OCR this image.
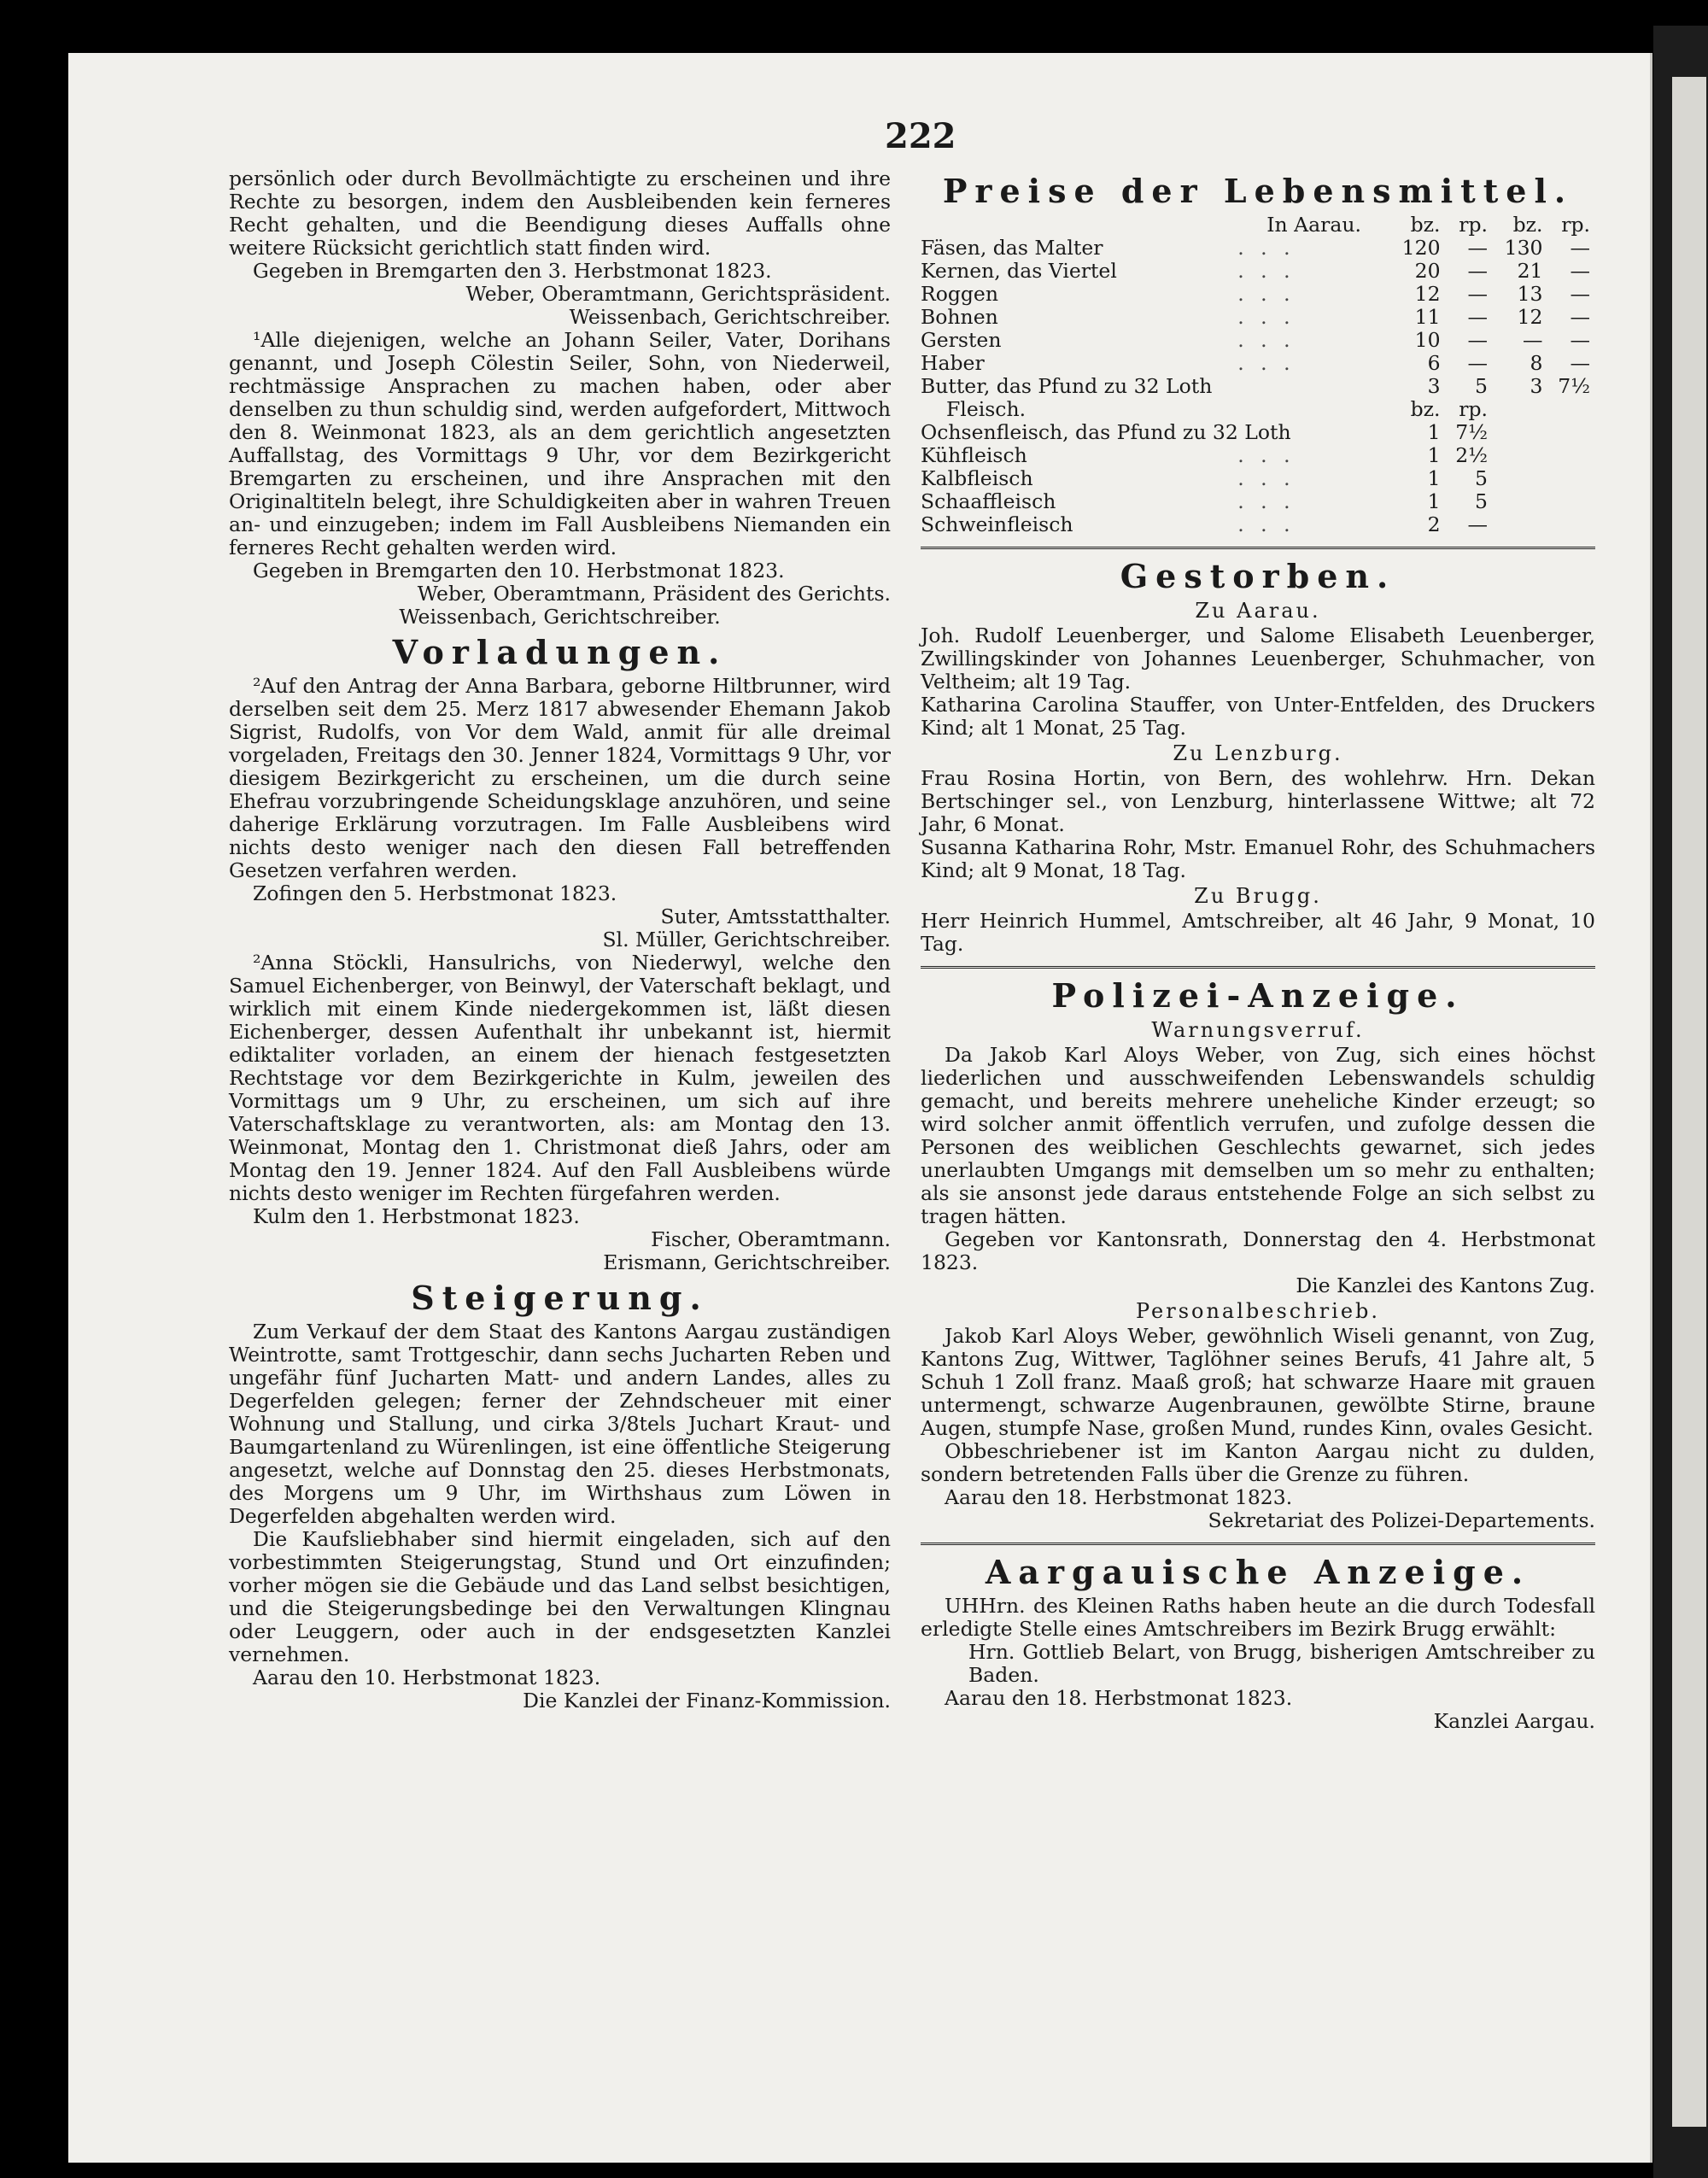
222

persönlich oder durch Bevollmächtigte zu erscheinen und ihre Rechte zu besorgen, indem den Ausbleibenden kein ferneres Recht gehalten, und die Beendigung dieses Auffalls ohne weitere Rücksicht gerichtlich statt finden wird.

Gegeben in Bremgarten den 3. Herbstmonat 1823.

Weber, Oberamtmann, Gerichtspräsident.

Weissenbach, Gerichtschreiber.

¹Alle diejenigen, welche an Johann Seiler, Vater, Dorihans genannt, und Joseph Cölestin Seiler, Sohn, von Niederweil, rechtmässige Ansprachen zu machen haben, oder aber denselben zu thun schuldig sind, werden aufgefordert, Mittwoch den 8. Weinmonat 1823, als an dem gerichtlich angesetzten Auffallstag, des Vormittags 9 Uhr, vor dem Bezirkgericht Bremgarten zu erscheinen, und ihre Ansprachen mit den Originaltiteln belegt, ihre Schuldigkeiten aber in wahren Treuen an- und einzugeben; indem im Fall Ausbleibens Niemanden ein ferneres Recht gehalten werden wird.

Gegeben in Bremgarten den 10. Herbstmonat 1823.

Weber, Oberamtmann, Präsident des Gerichts.

Weissenbach, Gerichtschreiber.

Vorladungen.

²Auf den Antrag der Anna Barbara, geborne Hiltbrunner, wird derselben seit dem 25. Merz 1817 abwesender Ehemann Jakob Sigrist, Rudolfs, von Vor dem Wald, anmit für alle dreimal vorgeladen, Freitags den 30. Jenner 1824, Vormittags 9 Uhr, vor diesigem Bezirkgericht zu erscheinen, um die durch seine Ehefrau vorzubringende Scheidungsklage anzuhören, und seine daherige Erklärung vorzutragen. Im Falle Ausbleibens wird nichts desto weniger nach den diesen Fall betreffenden Gesetzen verfahren werden.

Zofingen den 5. Herbstmonat 1823.

Suter, Amtsstatthalter.

Sl. Müller, Gerichtschreiber.

²Anna Stöckli, Hansulrichs, von Niederwyl, welche den Samuel Eichenberger, von Beinwyl, der Vaterschaft beklagt, und wirklich mit einem Kinde niedergekommen ist, läßt diesen Eichenberger, dessen Aufenthalt ihr unbekannt ist, hiermit ediktaliter vorladen, an einem der hienach festgesetzten Rechtstage vor dem Bezirkgerichte in Kulm, jeweilen des Vormittags um 9 Uhr, zu erscheinen, um sich auf ihre Vaterschaftsklage zu verantworten, als: am Montag den 13. Weinmonat, Montag den 1. Christmonat dieß Jahrs, oder am Montag den 19. Jenner 1824. Auf den Fall Ausbleibens würde nichts desto weniger im Rechten fürgefahren werden.

Kulm den 1. Herbstmonat 1823.

Fischer, Oberamtmann.

Erismann, Gerichtschreiber.

Steigerung.

Zum Verkauf der dem Staat des Kantons Aargau zuständigen Weintrotte, samt Trottgeschir, dann sechs Jucharten Reben und ungefähr fünf Jucharten Matt- und andern Landes, alles zu Degerfelden gelegen; ferner der Zehndscheuer mit einer Wohnung und Stallung, und cirka 3/8tels Juchart Kraut- und Baumgartenland zu Würenlingen, ist eine öffentliche Steigerung angesetzt, welche auf Donnstag den 25. dieses Herbstmonats, des Morgens um 9 Uhr, im Wirthshaus zum Löwen in Degerfelden abgehalten werden wird.

Die Kaufsliebhaber sind hiermit eingeladen, sich auf den vorbestimmten Steigerungstag, Stund und Ort einzufinden; vorher mögen sie die Gebäude und das Land selbst besichtigen, und die Steigerungsbedinge bei den Verwaltungen Klingnau oder Leuggern, oder auch in der endsgesetzten Kanzlei vernehmen.

Aarau den 10. Herbstmonat 1823.

Die Kanzlei der Finanz-Kommission.

Preise der Lebensmittel.
	In Aarau.	bz.	rp.	bz.	rp.
Fäsen, das Malter	. . .	120	—	130	—
Kernen, das Viertel	. . .	20	—	21	—
Roggen	. . .	12	—	13	—
Bohnen	. . .	11	—	12	—
Gersten	. . .	10	—	—	—
Haber	. . .	6	—	8	—
Butter, das Pfund zu 32 Loth		3	5	3	7½
Fleisch.		bz.	rp.		
Ochsenfleisch, das Pfund zu 32 Loth		1	7½		
Kühfleisch	. . .	1	2½		
Kalbfleisch	. . .	1	5		
Schaaffleisch	. . .	1	5		
Schweinfleisch	. . .	2	—		
Gestorben.
Zu Aarau.

Joh. Rudolf Leuenberger, und Salome Elisabeth Leuenberger, Zwillingskinder von Johannes Leuenberger, Schuhmacher, von Veltheim; alt 19 Tag.

Katharina Carolina Stauffer, von Unter-Entfelden, des Druckers Kind; alt 1 Monat, 25 Tag.

Zu Lenzburg.

Frau Rosina Hortin, von Bern, des wohlehrw. Hrn. Dekan Bertschinger sel., von Lenzburg, hinterlassene Wittwe; alt 72 Jahr, 6 Monat.

Susanna Katharina Rohr, Mstr. Emanuel Rohr, des Schuhmachers Kind; alt 9 Monat, 18 Tag.

Zu Brugg.

Herr Heinrich Hummel, Amtschreiber, alt 46 Jahr, 9 Monat, 10 Tag.

Polizei-Anzeige.
Warnungsverruf.

Da Jakob Karl Aloys Weber, von Zug, sich eines höchst liederlichen und ausschweifenden Lebenswandels schuldig gemacht, und bereits mehrere uneheliche Kinder erzeugt; so wird solcher anmit öffentlich verrufen, und zufolge dessen die Personen des weiblichen Geschlechts gewarnet, sich jedes unerlaubten Umgangs mit demselben um so mehr zu enthalten; als sie ansonst jede daraus entstehende Folge an sich selbst zu tragen hätten.

Gegeben vor Kantonsrath, Donnerstag den 4. Herbstmonat 1823.

Die Kanzlei des Kantons Zug.

Personalbeschrieb.

Jakob Karl Aloys Weber, gewöhnlich Wiseli genannt, von Zug, Kantons Zug, Wittwer, Taglöhner seines Berufs, 41 Jahre alt, 5 Schuh 1 Zoll franz. Maaß groß; hat schwarze Haare mit grauen untermengt, schwarze Augenbraunen, gewölbte Stirne, braune Augen, stumpfe Nase, großen Mund, rundes Kinn, ovales Gesicht.

Obbeschriebener ist im Kanton Aargau nicht zu dulden, sondern betretenden Falls über die Grenze zu führen.

Aarau den 18. Herbstmonat 1823.

Sekretariat des Polizei-Departements.

Aargauische Anzeige.

UHHrn. des Kleinen Raths haben heute an die durch Todesfall erledigte Stelle eines Amtschreibers im Bezirk Brugg erwählt:

Hrn. Gottlieb Belart, von Brugg, bisherigen Amtschreiber zu Baden.

Aarau den 18. Herbstmonat 1823.

Kanzlei Aargau.
